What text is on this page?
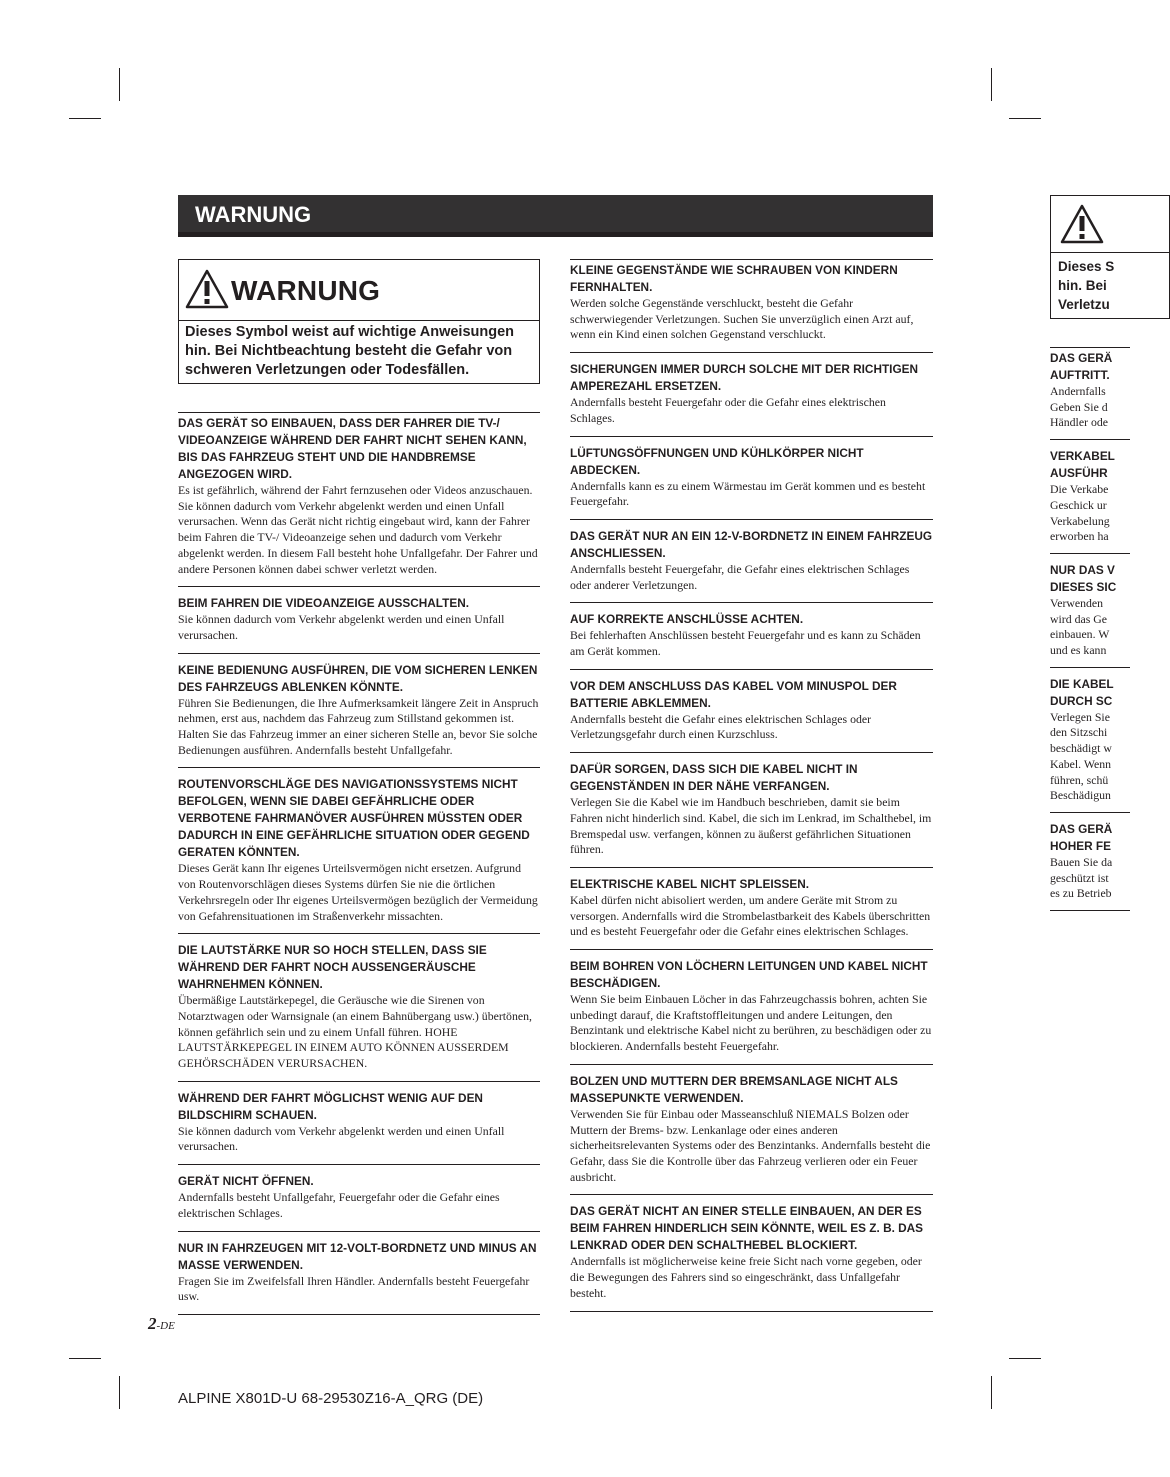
WARNUNG
WARNUNG
Dieses Symbol weist auf wichtige Anweisungen hin. Bei Nichtbeachtung besteht die Gefahr von schweren Verletzungen oder Todesfällen.
DAS GERÄT SO EINBAUEN, DASS DER FAHRER DIE TV-/ VIDEOANZEIGE WÄHREND DER FAHRT NICHT SEHEN KANN, BIS DAS FAHRZEUG STEHT UND DIE HANDBREMSE ANGEZOGEN WIRD.

Es ist gefährlich, während der Fahrt fernzusehen oder Videos anzuschauen. Sie können dadurch vom Verkehr abgelenkt werden und einen Unfall verursachen. Wenn das Gerät nicht richtig eingebaut wird, kann der Fahrer beim Fahren die TV-/ Videoanzeige sehen und dadurch vom Verkehr abgelenkt werden. In diesem Fall besteht hohe Unfallgefahr. Der Fahrer und andere Personen können dabei schwer verletzt werden.

BEIM FAHREN DIE VIDEOANZEIGE AUSSCHALTEN.

Sie können dadurch vom Verkehr abgelenkt werden und einen Unfall verursachen.

KEINE BEDIENUNG AUSFÜHREN, DIE VOM SICHEREN LENKEN DES FAHRZEUGS ABLENKEN KÖNNTE.

Führen Sie Bedienungen, die Ihre Aufmerksamkeit längere Zeit in Anspruch nehmen, erst aus, nachdem das Fahrzeug zum Stillstand gekommen ist. Halten Sie das Fahrzeug immer an einer sicheren Stelle an, bevor Sie solche Bedienungen ausführen. Andernfalls besteht Unfallgefahr.

ROUTENVORSCHLÄGE DES NAVIGATIONSSYSTEMS NICHT BEFOLGEN, WENN SIE DABEI GEFÄHRLICHE ODER VERBOTENE FAHRMANÖVER AUSFÜHREN MÜSSTEN ODER DADURCH IN EINE GEFÄHRLICHE SITUATION ODER GEGEND GERATEN KÖNNTEN.

Dieses Gerät kann Ihr eigenes Urteilsvermögen nicht ersetzen. Aufgrund von Routenvorschlägen dieses Systems dürfen Sie nie die örtlichen Verkehrsregeln oder Ihr eigenes Urteilsvermögen bezüglich der Vermeidung von Gefahrensituationen im Straßenverkehr missachten.

DIE LAUTSTÄRKE NUR SO HOCH STELLEN, DASS SIE WÄHREND DER FAHRT NOCH AUSSENGERÄUSCHE WAHRNEHMEN KÖNNEN.

Übermäßige Lautstärkepegel, die Geräusche wie die Sirenen von Notarztwagen oder Warnsignale (an einem Bahnübergang usw.) übertönen, können gefährlich sein und zu einem Unfall führen. HOHE LAUTSTÄRKEPEGEL IN EINEM AUTO KÖNNEN AUSSERDEM GEHÖRSCHÄDEN VERURSACHEN.

WÄHREND DER FAHRT MÖGLICHST WENIG AUF DEN BILDSCHIRM SCHAUEN.

Sie können dadurch vom Verkehr abgelenkt werden und einen Unfall verursachen.

GERÄT NICHT ÖFFNEN.

Andernfalls besteht Unfallgefahr, Feuergefahr oder die Gefahr eines elektrischen Schlages.

NUR IN FAHRZEUGEN MIT 12-VOLT-BORDNETZ UND MINUS AN MASSE VERWENDEN.

Fragen Sie im Zweifelsfall Ihren Händler. Andernfalls besteht Feuergefahr usw.

KLEINE GEGENSTÄNDE WIE SCHRAUBEN VON KINDERN FERNHALTEN.

Werden solche Gegenstände verschluckt, besteht die Gefahr schwerwiegender Verletzungen. Suchen Sie unverzüglich einen Arzt auf, wenn ein Kind einen solchen Gegenstand verschluckt.

SICHERUNGEN IMMER DURCH SOLCHE MIT DER RICHTIGEN AMPEREZAHL ERSETZEN.

Andernfalls besteht Feuergefahr oder die Gefahr eines elektrischen Schlages.

LÜFTUNGSÖFFNUNGEN UND KÜHLKÖRPER NICHT ABDECKEN.

Andernfalls kann es zu einem Wärmestau im Gerät kommen und es besteht Feuergefahr.

DAS GERÄT NUR AN EIN 12-V-BORDNETZ IN EINEM FAHRZEUG ANSCHLIESSEN.

Andernfalls besteht Feuergefahr, die Gefahr eines elektrischen Schlages oder anderer Verletzungen.

AUF KORREKTE ANSCHLÜSSE ACHTEN.

Bei fehlerhaften Anschlüssen besteht Feuergefahr und es kann zu Schäden am Gerät kommen.

VOR DEM ANSCHLUSS DAS KABEL VOM MINUSPOL DER BATTERIE ABKLEMMEN.

Andernfalls besteht die Gefahr eines elektrischen Schlages oder Verletzungsgefahr durch einen Kurzschluss.

DAFÜR SORGEN, DASS SICH DIE KABEL NICHT IN GEGENSTÄNDEN IN DER NÄHE VERFANGEN.

Verlegen Sie die Kabel wie im Handbuch beschrieben, damit sie beim Fahren nicht hinderlich sind. Kabel, die sich im Lenkrad, im Schalthebel, im Bremspedal usw. verfangen, können zu äußerst gefährlichen Situationen führen.

ELEKTRISCHE KABEL NICHT SPLEISSEN.

Kabel dürfen nicht abisoliert werden, um andere Geräte mit Strom zu versorgen. Andernfalls wird die Strombelastbarkeit des Kabels überschritten und es besteht Feuergefahr oder die Gefahr eines elektrischen Schlages.

BEIM BOHREN VON LÖCHERN LEITUNGEN UND KABEL NICHT BESCHÄDIGEN.

Wenn Sie beim Einbauen Löcher in das Fahrzeugchassis bohren, achten Sie unbedingt darauf, die Kraftstoffleitungen und andere Leitungen, den Benzintank und elektrische Kabel nicht zu berühren, zu beschädigen oder zu blockieren. Andernfalls besteht Feuergefahr.

BOLZEN UND MUTTERN DER BREMSANLAGE NICHT ALS MASSEPUNKTE VERWENDEN.

Verwenden Sie für Einbau oder Masseanschluß NIEMALS Bolzen oder Muttern der Brems- bzw. Lenkanlage oder eines anderen sicherheitsrelevanten Systems oder des Benzintanks. Andernfalls besteht die Gefahr, dass Sie die Kontrolle über das Fahrzeug verlieren oder ein Feuer ausbricht.

DAS GERÄT NICHT AN EINER STELLE EINBAUEN, AN DER ES BEIM FAHREN HINDERLICH SEIN KÖNNTE, WEIL ES Z. B. DAS LENKRAD ODER DEN SCHALTHEBEL BLOCKIERT.

Andernfalls ist möglicherweise keine freie Sicht nach vorne gegeben, oder die Bewegungen des Fahrers sind so eingeschränkt, dass Unfallgefahr besteht.

Dieses S
hin. Bei
Verletzu
DAS GERÄ
AUFTRITT.

Andernfalls
Geben Sie d
Händler ode

VERKABEL
AUSFÜHR

Die Verkabe
Geschick ur
Verkabelung
erworben ha

NUR DAS V
DIESES SIC

Verwenden
wird das Ge
einbauen. W
und es kann

DIE KABEL
DURCH SC

Verlegen Sie
den Sitzschi
beschädigt w
Kabel. Wenn
führen, schü
Beschädigun

DAS GERÄ
HOHER FE

Bauen Sie da
geschützt ist
es zu Betrieb

2-DE
ALPINE X801D-U 68-29530Z16-A_QRG (DE)
